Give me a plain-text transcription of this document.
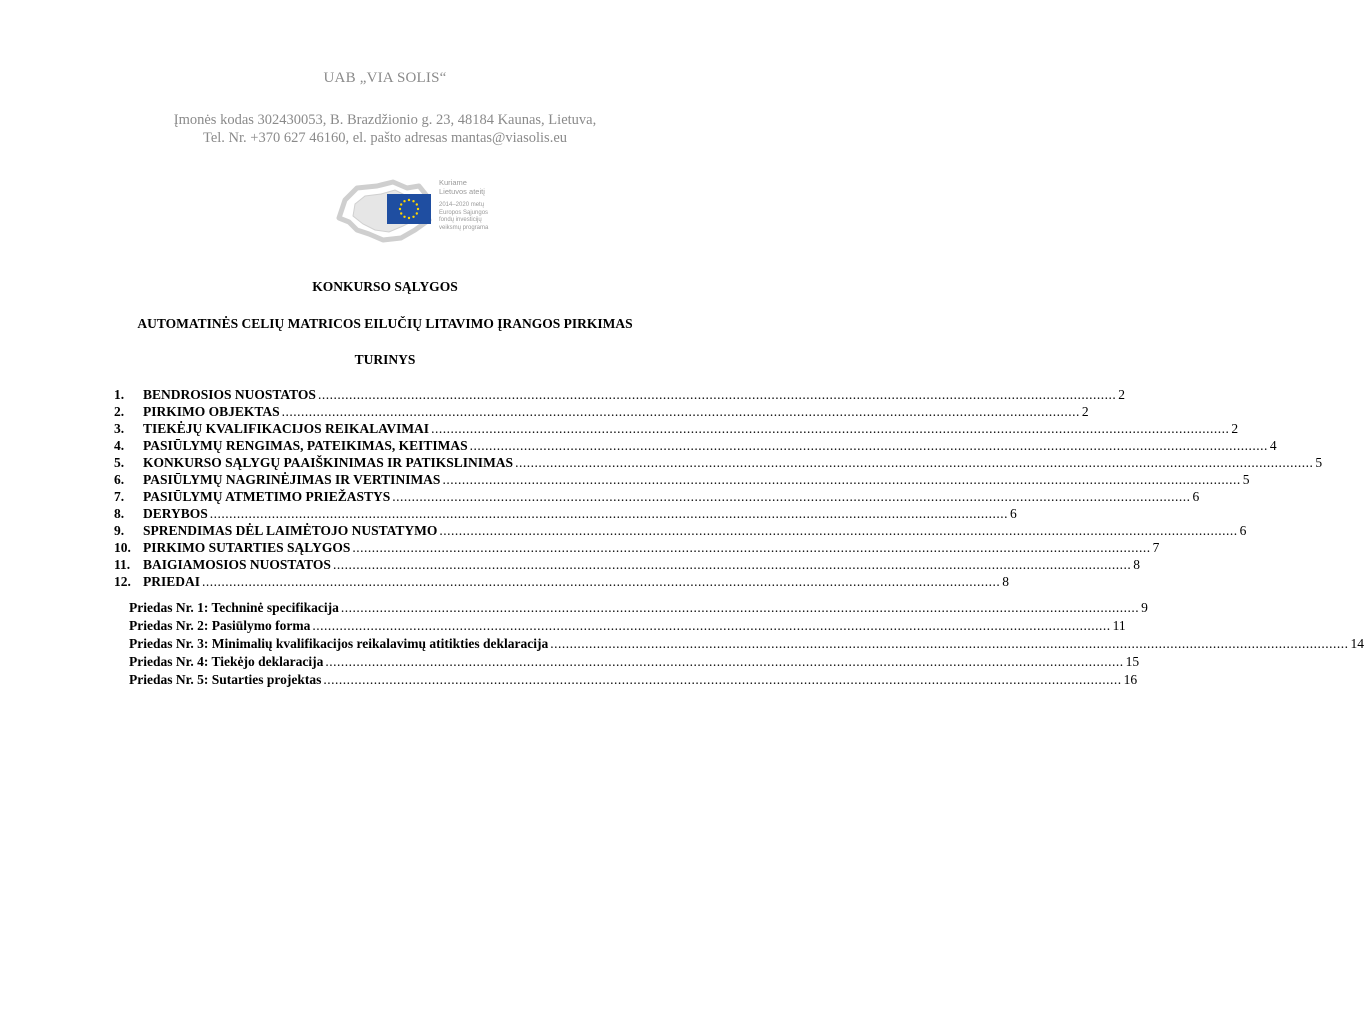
UAB „VIA SOLIS“
Įmonės kodas 302430053, B. Brazdžionio g. 23, 48184 Kaunas, Lietuva,
Tel. Nr. +370 627 46160, el. pašto adresas mantas@viasolis.eu
Kuriame
Lietuvos ateitį
2014–2020 metų
Europos Sąjungos
fondų investicijų
veiksmų programa
KONKURSO SĄLYGOS
AUTOMATINĖS CELIŲ MATRICOS EILUČIŲ LITAVIMO ĮRANGOS PIRKIMAS
TURINYS
1.	BENDROSIOS NUOSTATOS .............................................................................................................................................................................................................. 2
2.	PIRKIMO OBJEKTAS .............................................................................................................................................................................................................. 2
3.	TIEKĖJŲ KVALIFIKACIJOS REIKALAVIMAI .............................................................................................................................................................................................................. 2
4.	PASIŪLYMŲ RENGIMAS, PATEIKIMAS, KEITIMAS .............................................................................................................................................................................................................. 4
5.	KONKURSO SĄLYGŲ PAAIŠKINIMAS IR PATIKSLINIMAS .............................................................................................................................................................................................................. 5
6.	PASIŪLYMŲ NAGRINĖJIMAS IR VERTINIMAS .............................................................................................................................................................................................................. 5
7.	PASIŪLYMŲ ATMETIMO PRIEŽASTYS .............................................................................................................................................................................................................. 6
8.	DERYBOS .............................................................................................................................................................................................................. 6
9.	SPRENDIMAS DĖL LAIMĖTOJO NUSTATYMO .............................................................................................................................................................................................................. 6
10. PIRKIMO SUTARTIES SĄLYGOS .............................................................................................................................................................................................................. 7
11. BAIGIAMOSIOS NUOSTATOS .............................................................................................................................................................................................................. 8
12. PRIEDAI .............................................................................................................................................................................................................. 8
Priedas Nr. 1: Techninė specifikacija .............................................................................................................................................................................................................. 9
Priedas Nr. 2: Pasiūlymo forma .............................................................................................................................................................................................................. 11
Priedas Nr. 3: Minimalių kvalifikacijos reikalavimų atitikties deklaracija .............................................................................................................................................................................................................. 14
Priedas Nr. 4: Tiekėjo deklaracija .............................................................................................................................................................................................................. 15
Priedas Nr. 5: Sutarties projektas .............................................................................................................................................................................................................. 16
